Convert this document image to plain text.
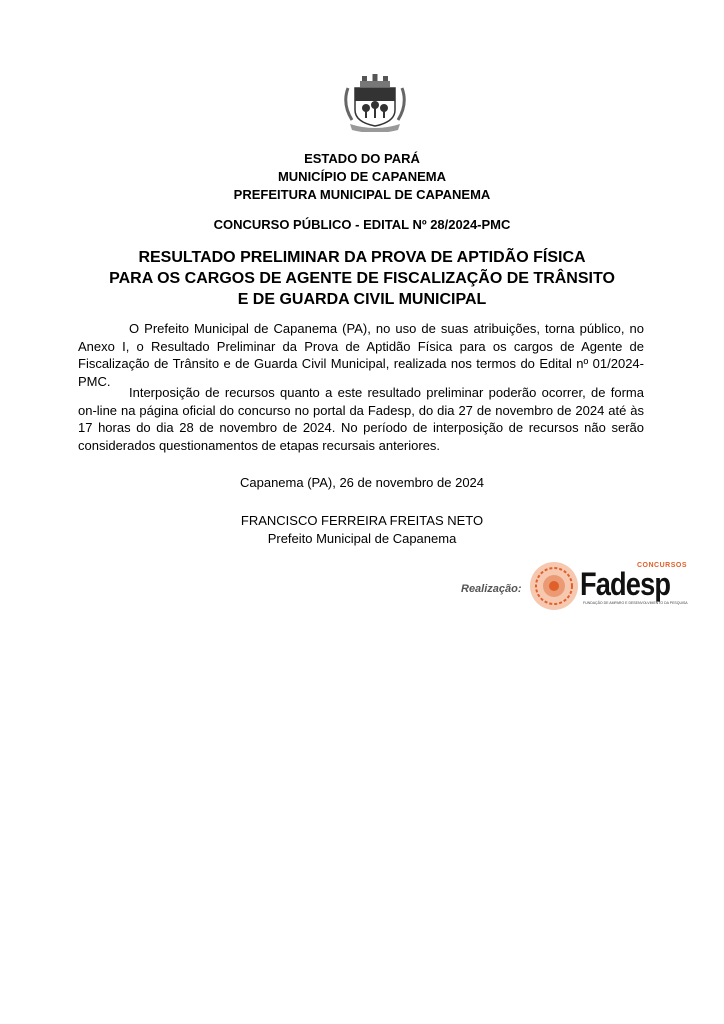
ESTADO DO PARÁ
MUNICÍPIO DE CAPANEMA
PREFEITURA MUNICIPAL DE CAPANEMA
CONCURSO PÚBLICO - EDITAL Nº 28/2024-PMC
RESULTADO PRELIMINAR DA PROVA DE APTIDÃO FÍSICA
PARA OS CARGOS DE AGENTE DE FISCALIZAÇÃO DE TRÂNSITO
E DE GUARDA CIVIL MUNICIPAL

O Prefeito Municipal de Capanema (PA), no uso de suas atribuições, torna público, no Anexo I, o Resultado Preliminar da Prova de Aptidão Física para os cargos de Agente de Fiscalização de Trânsito e de Guarda Civil Municipal, realizada nos termos do Edital nº 01/2024-PMC.

Interposição de recursos quanto a este resultado preliminar poderão ocorrer, de forma on-line na página oficial do concurso no portal da Fadesp, do dia 27 de novembro de 2024 até às 17 horas do dia 28 de novembro de 2024. No período de interposição de recursos não serão considerados questionamentos de etapas recursais anteriores.

Capanema (PA), 26 de novembro de 2024
FRANCISCO FERREIRA FREITAS NETO
Prefeito Municipal de Capanema
Realização:
CONCURSOS
Fadesp
FUNDAÇÃO DE AMPARO E DESENVOLVIMENTO DA PESQUISA
